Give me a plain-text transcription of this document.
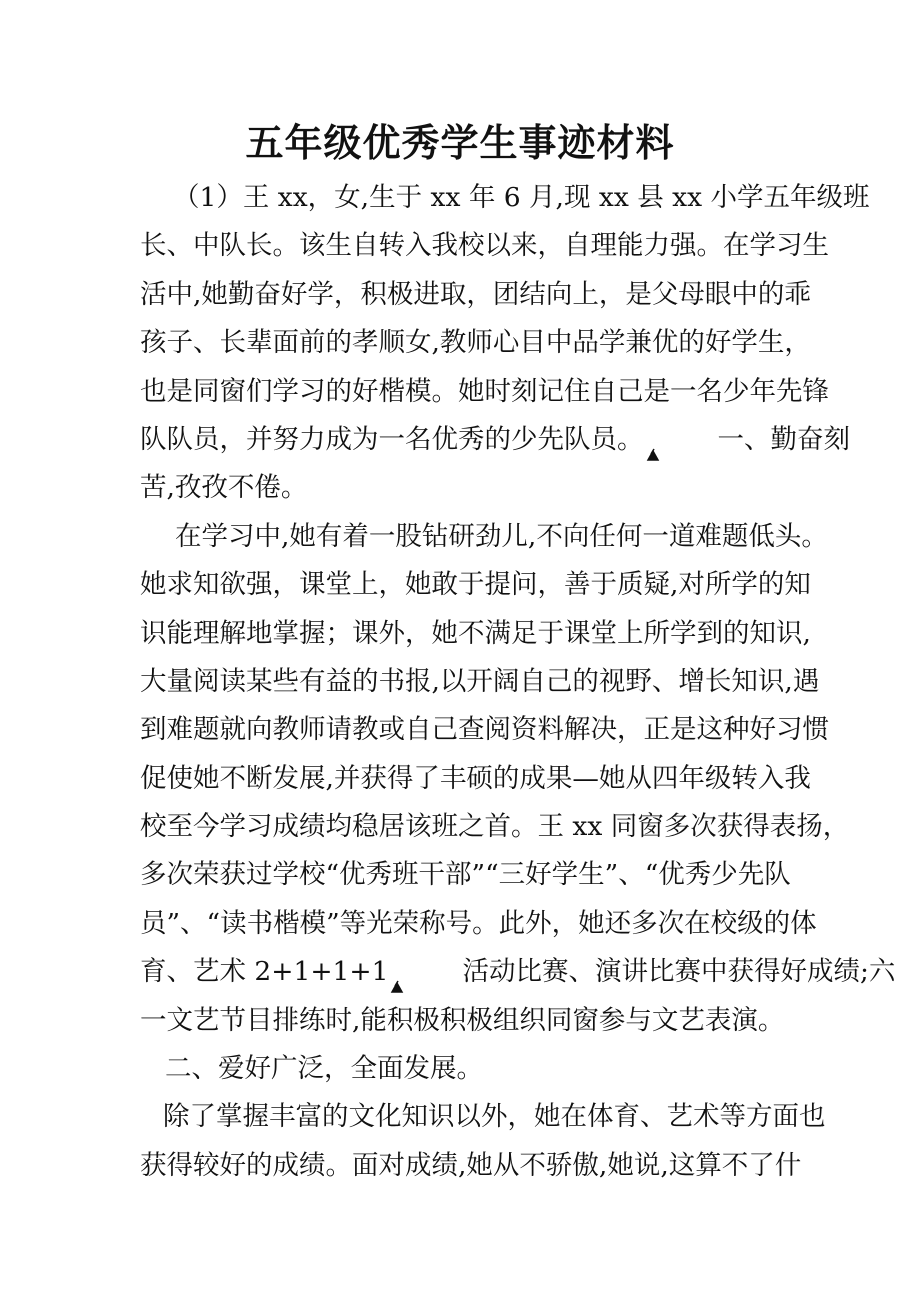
五年级优秀学生事迹材料
（1）王 xx，女,生于 xx 年 6 月,现 xx 县 xx 小学五年级班
长、中队长。该生自转入我校以来，自理能力强。在学习生
活中,她勤奋好学，积极进取，团结向上，是父母眼中的乖
孩子、长辈面前的孝顺女,教师心目中品学兼优的好学生，
也是同窗们学习的好楷模。她时刻记住自己是一名少年先锋
队队员，并努力成为一名优秀的少先队员。	一、勤奋刻
苦,孜孜不倦。
在学习中,她有着一股钻研劲儿,不向任何一道难题低头。
她求知欲强，课堂上，她敢于提问，善于质疑,对所学的知
识能理解地掌握；课外，她不满足于课堂上所学到的知识,
大量阅读某些有益的书报,以开阔自己的视野、增长知识,遇
到难题就向教师请教或自己查阅资料解决，正是这种好习惯
促使她不断发展,并获得了丰硕的成果—她从四年级转入我
校至今学习成绩均稳居该班之首。王 xx 同窗多次获得表扬，
多次荣获过学校“优秀班干部”“三好学生”、“优秀少先队
员”、“读书楷模”等光荣称号。此外，她还多次在校级的体
育、艺术 2+1+1+1	活动比赛、演讲比赛中获得好成绩;六
一文艺节目排练时,能积极积极组织同窗参与文艺表演。
二、爱好广泛，全面发展。
除了掌握丰富的文化知识以外，她在体育、艺术等方面也
获得较好的成绩。面对成绩,她从不骄傲,她说,这算不了什
